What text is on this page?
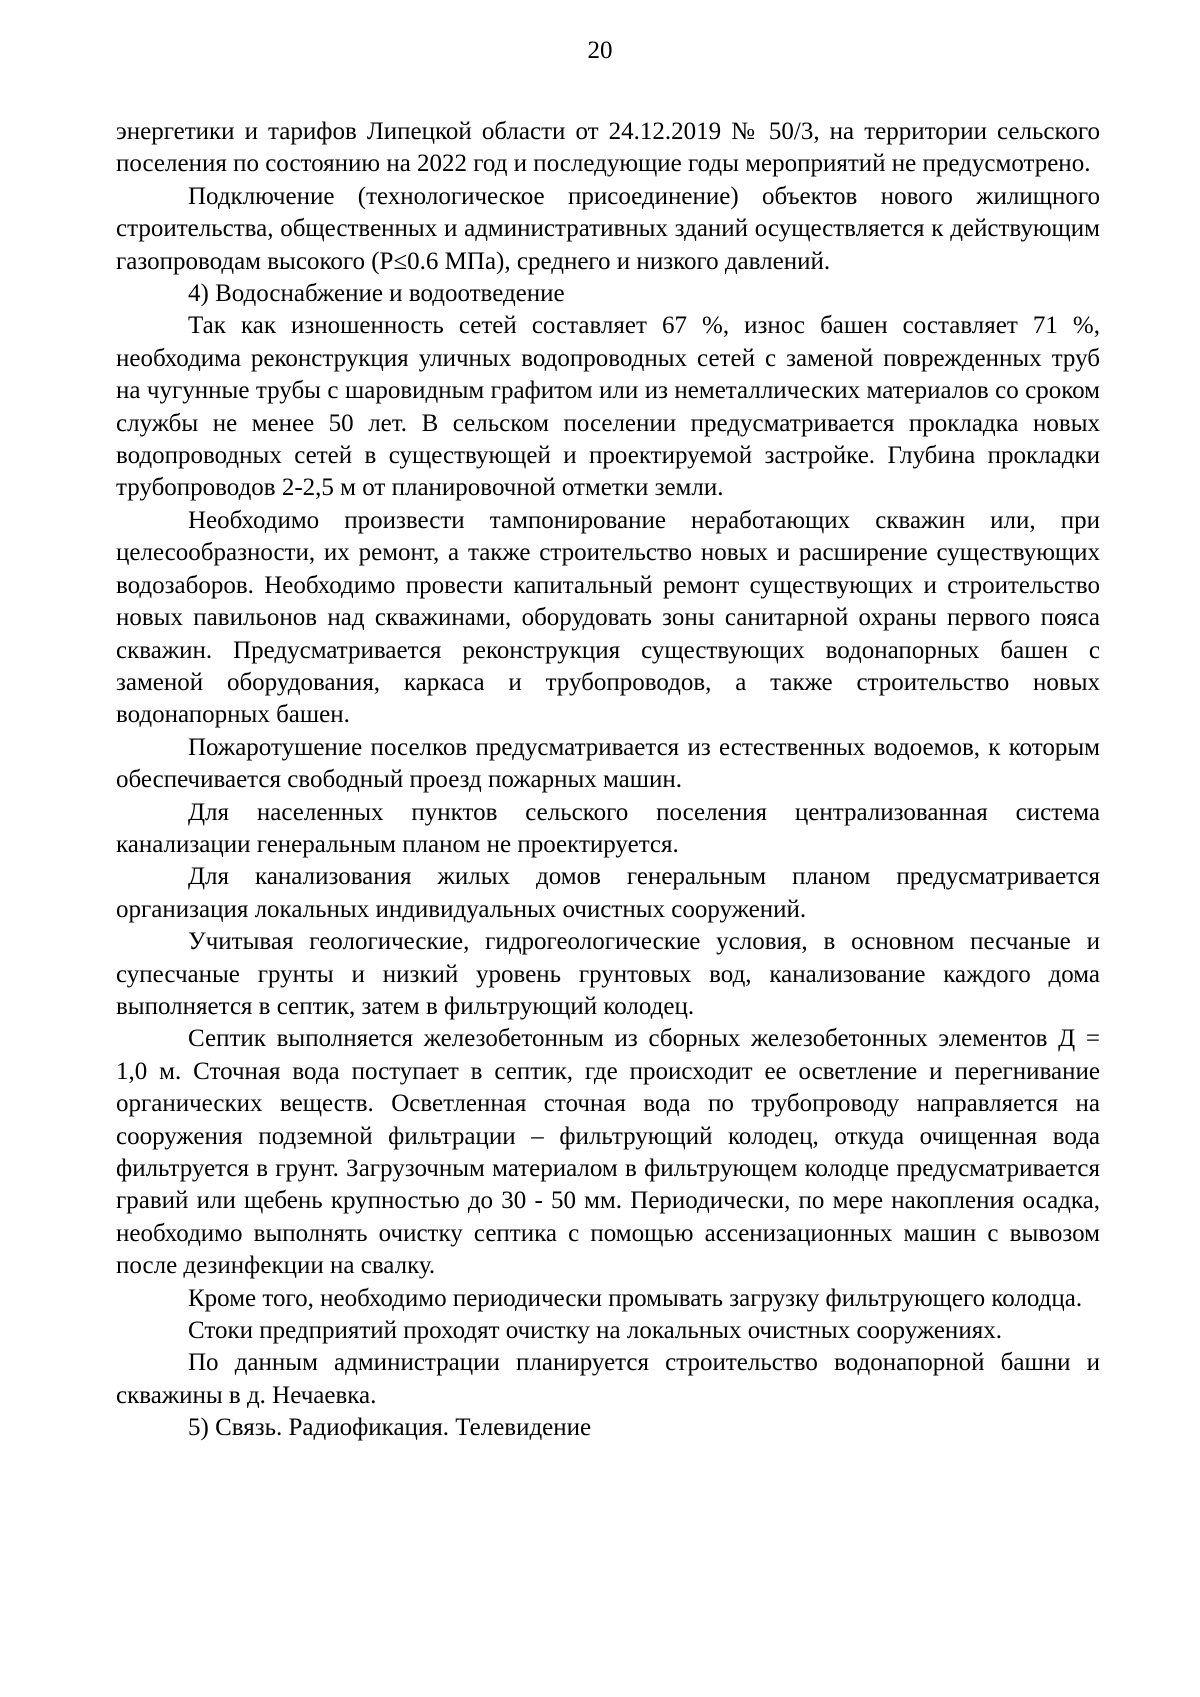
20

энергетики и тарифов Липецкой области от 24.12.2019 № 50/3, на территории сельского поселения по состоянию на 2022 год и последующие годы мероприятий не предусмотрено.

Подключение (технологическое присоединение) объектов нового жилищного строительства, общественных и административных зданий осуществляется к действующим газопроводам высокого (Р≤0.6 МПа), среднего и низкого давлений.

4) Водоснабжение и водоотведение

Так как изношенность сетей составляет 67 %, износ башен составляет 71 %, необходима реконструкция уличных водопроводных сетей с заменой поврежденных труб на чугунные трубы с шаровидным графитом или из неметаллических материалов со сроком службы не менее 50 лет. В сельском поселении предусматривается прокладка новых водопроводных сетей в существующей и проектируемой застройке. Глубина прокладки трубопроводов 2-2,5 м от планировочной отметки земли.

Необходимо произвести тампонирование неработающих скважин или, при целесообразности, их ремонт, а также строительство новых и расширение существующих водозаборов. Необходимо провести капитальный ремонт существующих и строительство новых павильонов над скважинами, оборудовать зоны санитарной охраны первого пояса скважин. Предусматривается реконструкция существующих водонапорных башен с заменой оборудования, каркаса и трубопроводов, а также строительство новых водонапорных башен.

Пожаротушение поселков предусматривается из естественных водоемов, к которым обеспечивается свободный проезд пожарных машин.

Для населенных пунктов сельского поселения централизованная система канализации генеральным планом не проектируется.

Для канализования жилых домов генеральным планом предусматривается организация локальных индивидуальных очистных сооружений.

Учитывая геологические, гидрогеологические условия, в основном песчаные и супесчаные грунты и низкий уровень грунтовых вод, канализование каждого дома выполняется в септик, затем в фильтрующий колодец.

Септик выполняется железобетонным из сборных железобетонных элементов Д = 1,0 м. Сточная вода поступает в септик, где происходит ее осветление и перегнивание органических веществ. Осветленная сточная вода по трубопроводу направляется на сооружения подземной фильтрации – фильтрующий колодец, откуда очищенная вода фильтруется в грунт. Загрузочным материалом в фильтрующем колодце предусматривается гравий или щебень крупностью до 30 - 50 мм. Периодически, по мере накопления осадка, необходимо выполнять очистку септика с помощью ассенизационных машин с вывозом после дезинфекции на свалку.

Кроме того, необходимо периодически промывать загрузку фильтрующего колодца.

Стоки предприятий проходят очистку на локальных очистных сооружениях.

По данным администрации планируется строительство водонапорной башни и скважины в д. Нечаевка.

5) Связь. Радиофикация. Телевидение
